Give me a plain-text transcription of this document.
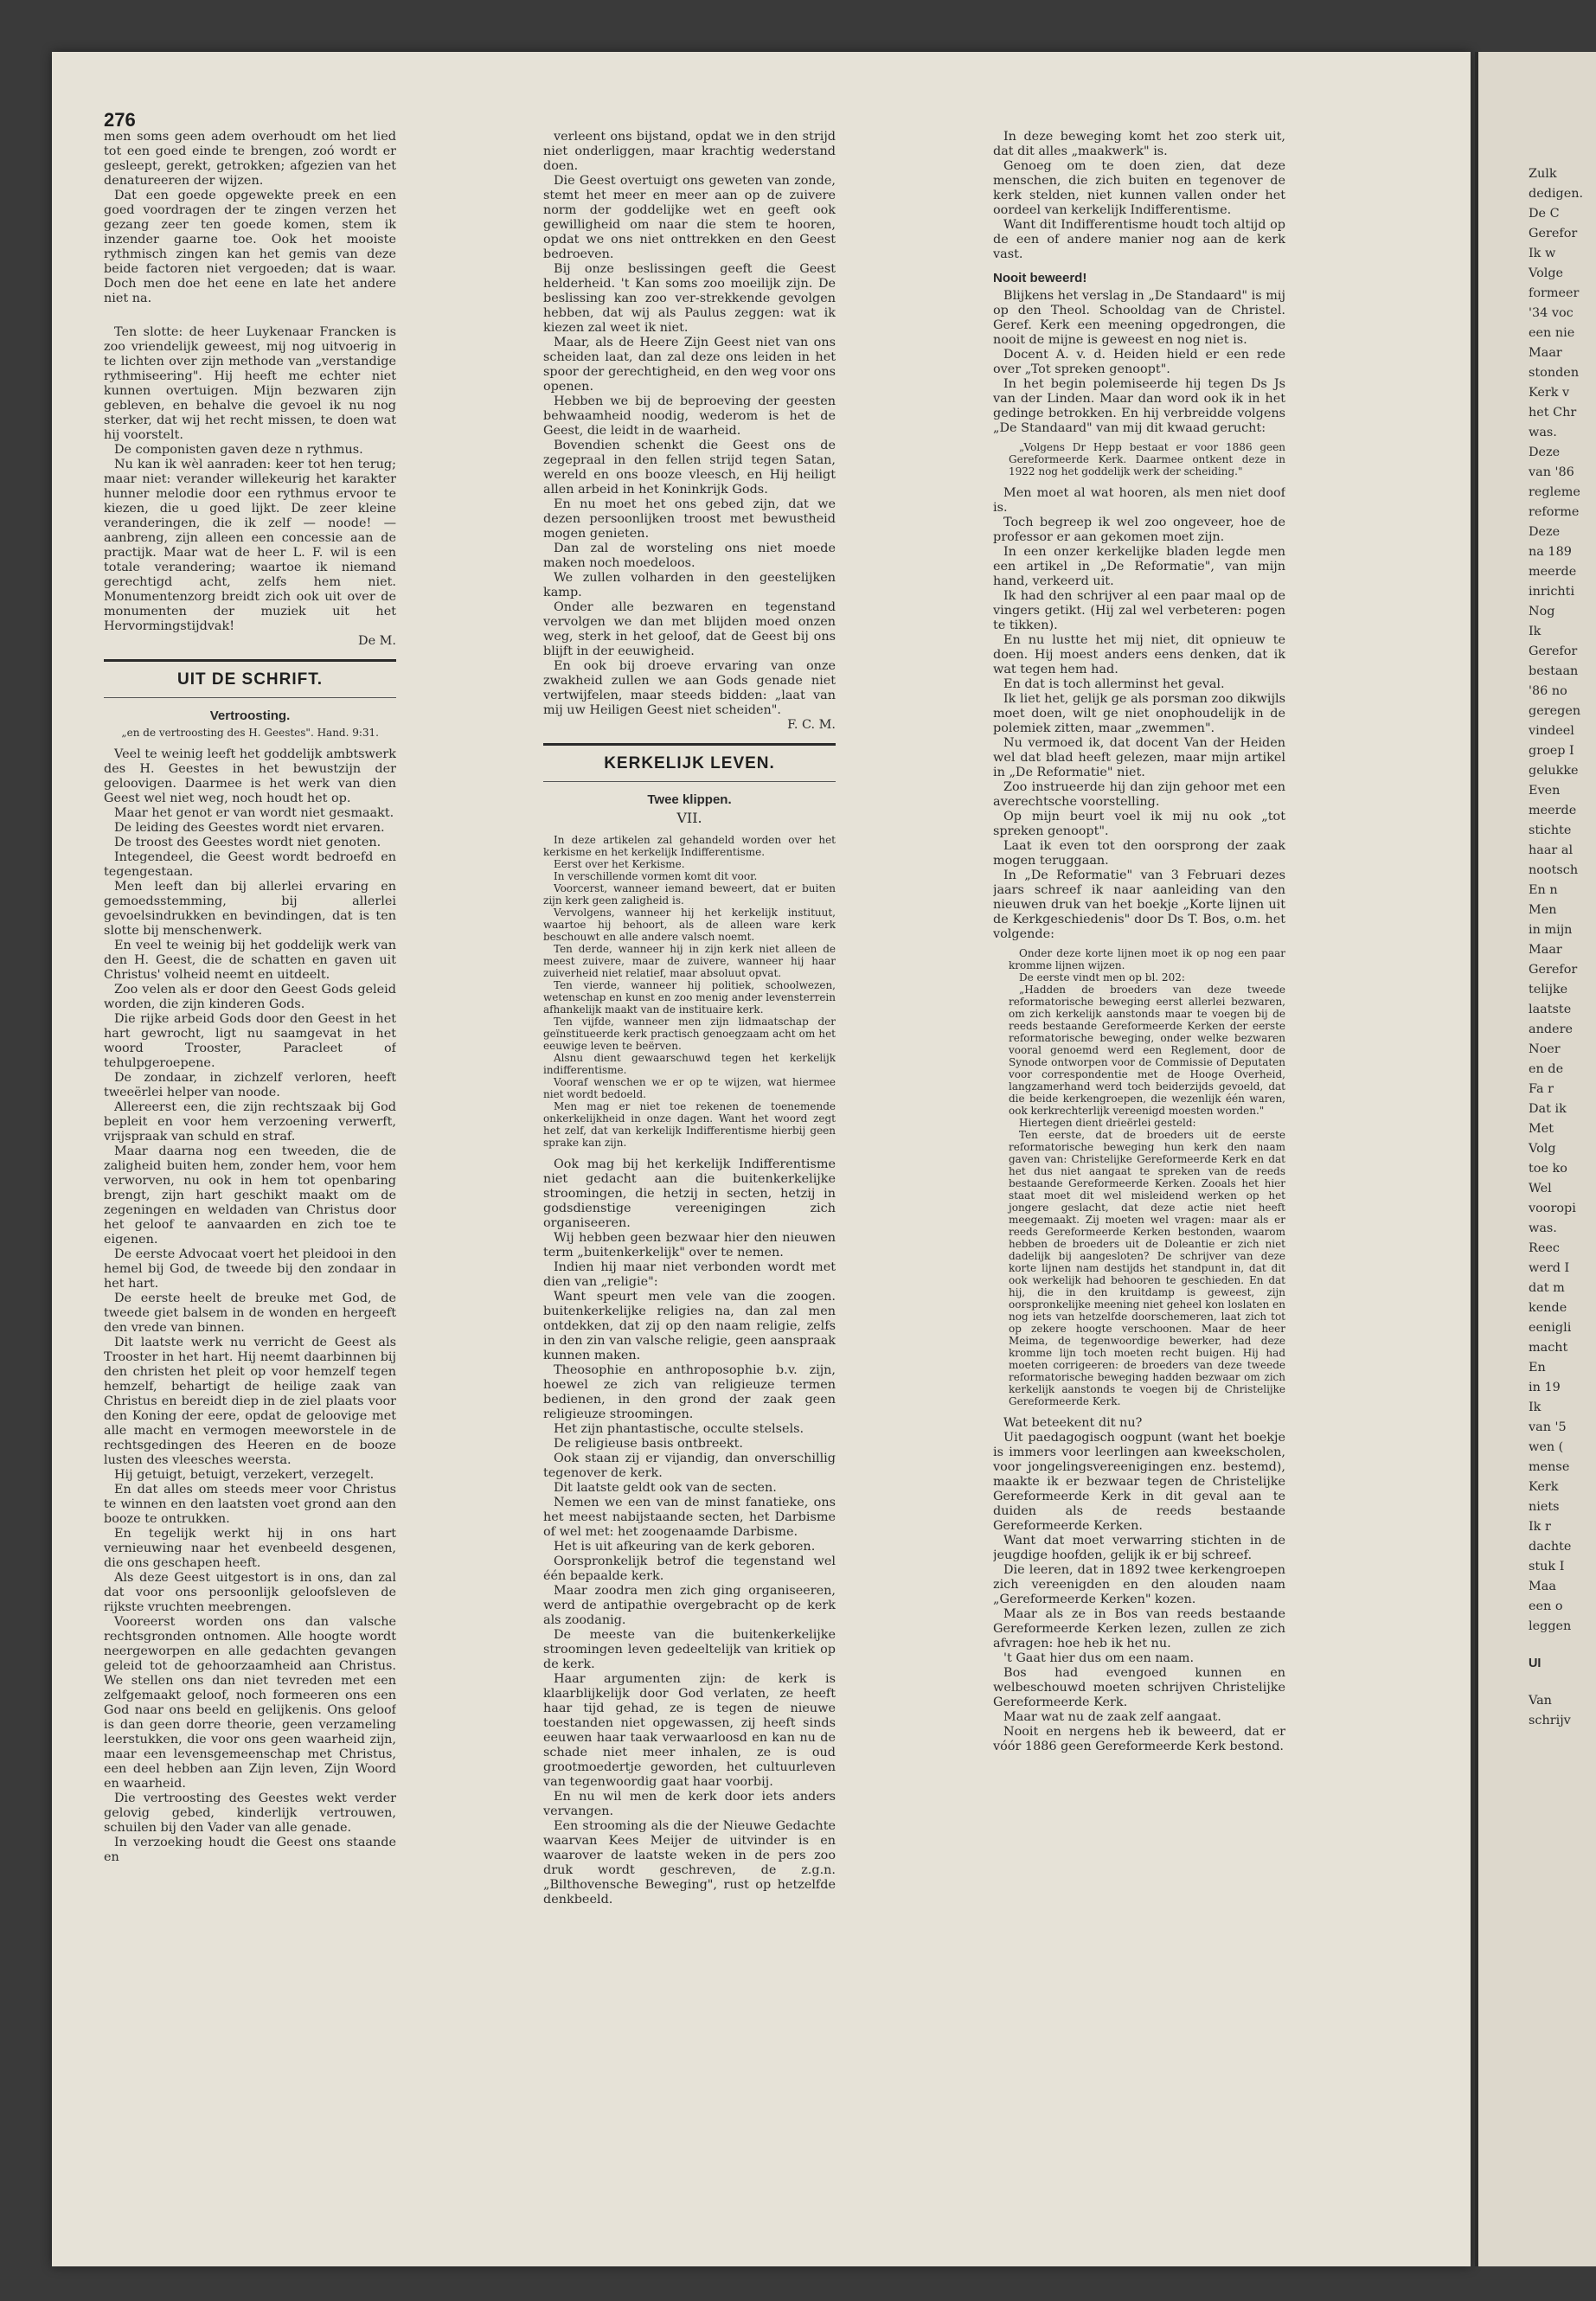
Zulk
dedigen.
De C
Gerefor
Ik w
Volge
formeer
'34 voc
een nie
Maar
stonden
Kerk v
het Chr
was.
Deze
van '86
regleme
reforme
Deze
na 189
meerde
inrichti
Nog
Ik
Gerefor
bestaan
'86 no
geregen
vindeel
groep I
gelukke
Even
meerde
stichte
haar al
nootsch
En n
Men
in mijn
Maar
Gerefor
telijke
laatste
andere
Noer
en de
Fa r
Dat ik
Met
Volg
toe ko
Wel
vooropi
was.
Reec
werd I
dat m
kende
eenigli
macht
En
in 19
Ik
van '5
wen (
mense
Kerk
niets
Ik r
dachte
stuk I
Maa
een o
leggen
UI
Van
schrijv

276

men soms geen adem overhoudt om het lied tot een goed einde te brengen, zoó wordt er gesleept, gerekt, getrokken; afgezien van het denatureeren der wijzen.

Dat een goede opgewekte preek en een goed voordragen der te zingen verzen het gezang zeer ten goede komen, stem ik inzender gaarne toe. Ook het mooiste rythmisch zingen kan het gemis van deze beide factoren niet vergoeden; dat is waar. Doch men doe het eene en late het andere niet na.

Ten slotte: de heer Luykenaar Francken is zoo vriendelijk geweest, mij nog uitvoerig in te lichten over zijn methode van „verstandige rythmiseering". Hij heeft me echter niet kunnen overtuigen. Mijn bezwaren zijn gebleven, en behalve die gevoel ik nu nog sterker, dat wij het recht missen, te doen wat hij voorstelt.

De componisten gaven deze n rythmus.

Nu kan ik wèl aanraden: keer tot hen terug; maar niet: verander willekeurig het karakter hunner melodie door een rythmus ervoor te kiezen, die u goed lijkt. De zeer kleine veranderingen, die ik zelf — noode! — aanbreng, zijn alleen een concessie aan de practijk. Maar wat de heer L. F. wil is een totale verandering; waartoe ik niemand gerechtigd acht, zelfs hem niet. Monumentenzorg breidt zich ook uit over de monumenten der muziek uit het Hervormingstijdvak!

De M.

UIT DE SCHRIFT.
Vertroosting.
„en de vertroosting des H. Geestes". Hand. 9:31.

Veel te weinig leeft het goddelijk ambtswerk des H. Geestes in het bewustzijn der geloovigen. Daarmee is het werk van dien Geest wel niet weg, noch houdt het op.

Maar het genot er van wordt niet gesmaakt.

De leiding des Geestes wordt niet ervaren.

De troost des Geestes wordt niet genoten.

Integendeel, die Geest wordt bedroefd en tegengestaan.

Men leeft dan bij allerlei ervaring en gemoedsstemming, bij allerlei gevoelsindrukken en bevindingen, dat is ten slotte bij menschenwerk.

En veel te weinig bij het goddelijk werk van den H. Geest, die de schatten en gaven uit Christus' volheid neemt en uitdeelt.

Zoo velen als er door den Geest Gods geleid worden, die zijn kinderen Gods.

Die rijke arbeid Gods door den Geest in het hart gewrocht, ligt nu saamgevat in het woord Trooster, Paracleet of tehulpgeroepene.

De zondaar, in zichzelf verloren, heeft tweeërlei helper van noode.

Allereerst een, die zijn rechtszaak bij God bepleit en voor hem verzoening verwerft, vrijspraak van schuld en straf.

Maar daarna nog een tweeden, die de zaligheid buiten hem, zonder hem, voor hem verworven, nu ook in hem tot openbaring brengt, zijn hart geschikt maakt om de zegeningen en weldaden van Christus door het geloof te aanvaarden en zich toe te eigenen.

De eerste Advocaat voert het pleidooi in den hemel bij God, de tweede bij den zondaar in het hart.

De eerste heelt de breuke met God, de tweede giet balsem in de wonden en hergeeft den vrede van binnen.

Dit laatste werk nu verricht de Geest als Trooster in het hart. Hij neemt daarbinnen bij den christen het pleit op voor hemzelf tegen hemzelf, behartigt de heilige zaak van Christus en bereidt diep in de ziel plaats voor den Koning der eere, opdat de geloovige met alle macht en vermogen meeworstele in de rechtsgedingen des Heeren en de booze lusten des vleesches weersta.

Hij getuigt, betuigt, verzekert, verzegelt.

En dat alles om steeds meer voor Christus te winnen en den laatsten voet grond aan den booze te ontrukken.

En tegelijk werkt hij in ons hart vernieuwing naar het evenbeeld desgenen, die ons geschapen heeft.

Als deze Geest uitgestort is in ons, dan zal dat voor ons persoonlijk geloofsleven de rijkste vruchten meebrengen.

Vooreerst worden ons dan valsche rechtsgronden ontnomen. Alle hoogte wordt neergeworpen en alle gedachten gevangen geleid tot de gehoorzaamheid aan Christus. We stellen ons dan niet tevreden met een zelfgemaakt geloof, noch formeeren ons een God naar ons beeld en gelijkenis. Ons geloof is dan geen dorre theorie, geen verzameling leerstukken, die voor ons geen waarheid zijn, maar een levensgemeenschap met Christus, een deel hebben aan Zijn leven, Zijn Woord en waarheid.

Die vertroosting des Geestes wekt verder gelovig gebed, kinderlijk vertrouwen, schuilen bij den Vader van alle genade.

In verzoeking houdt die Geest ons staande en

verleent ons bijstand, opdat we in den strijd niet onderliggen, maar krachtig wederstand doen.

Die Geest overtuigt ons geweten van zonde, stemt het meer en meer aan op de zuivere norm der goddelijke wet en geeft ook gewilligheid om naar die stem te hooren, opdat we ons niet onttrekken en den Geest bedroeven.

Bij onze beslissingen geeft die Geest helderheid. 't Kan soms zoo moeilijk zijn. De beslissing kan zoo ver-strekkende gevolgen hebben, dat wij als Paulus zeggen: wat ik kiezen zal weet ik niet.

Maar, als de Heere Zijn Geest niet van ons scheiden laat, dan zal deze ons leiden in het spoor der gerechtigheid, en den weg voor ons openen.

Hebben we bij de beproeving der geesten behwaamheid noodig, wederom is het de Geest, die leidt in de waarheid.

Bovendien schenkt die Geest ons de zegepraal in den fellen strijd tegen Satan, wereld en ons booze vleesch, en Hij heiligt allen arbeid in het Koninkrijk Gods.

En nu moet het ons gebed zijn, dat we dezen persoonlijken troost met bewustheid mogen genieten.

Dan zal de worsteling ons niet moede maken noch moedeloos.

We zullen volharden in den geestelijken kamp.

Onder alle bezwaren en tegenstand vervolgen we dan met blijden moed onzen weg, sterk in het geloof, dat de Geest bij ons blijft in der eeuwigheid.

En ook bij droeve ervaring van onze zwakheid zullen we aan Gods genade niet vertwijfelen, maar steeds bidden: „laat van mij uw Heiligen Geest niet scheiden".

F. C. M.

KERKELIJK LEVEN.
Twee klippen.
VII.

In deze artikelen zal gehandeld worden over het kerkisme en het kerkelijk Indifferentisme.

Eerst over het Kerkisme.

In verschillende vormen komt dit voor.

Voorcerst, wanneer iemand beweert, dat er buiten zijn kerk geen zaligheid is.

Vervolgens, wanneer hij het kerkelijk instituut, waartoe hij behoort, als de alleen ware kerk beschouwt en alle andere valsch noemt.

Ten derde, wanneer hij in zijn kerk niet alleen de meest zuivere, maar de zuivere, wanneer hij haar zuiverheid niet relatief, maar absoluut opvat.

Ten vierde, wanneer hij politiek, schoolwezen, wetenschap en kunst en zoo menig ander levensterrein afhankelijk maakt van de instituaire kerk.

Ten vijfde, wanneer men zijn lidmaatschap der geïnstitueerde kerk practisch genoegzaam acht om het eeuwige leven te beërven.

Alsnu dient gewaarschuwd tegen het kerkelijk indifferentisme.

Vooraf wenschen we er op te wijzen, wat hiermee niet wordt bedoeld.

Men mag er niet toe rekenen de toenemende onkerkelijkheid in onze dagen. Want het woord zegt het zelf, dat van kerkelijk Indifferentisme hierbij geen sprake kan zijn.

Ook mag bij het kerkelijk Indifferentisme niet gedacht aan die buitenkerkelijke stroomingen, die hetzij in secten, hetzij in godsdienstige vereenigingen zich organiseeren.

Wij hebben geen bezwaar hier den nieuwen term „buitenkerkelijk" over te nemen.

Indien hij maar niet verbonden wordt met dien van „religie":

Want speurt men vele van die zoogen. buitenkerkelijke religies na, dan zal men ontdekken, dat zij op den naam religie, zelfs in den zin van valsche religie, geen aanspraak kunnen maken.

Theosophie en anthroposophie b.v. zijn, hoewel ze zich van religieuze termen bedienen, in den grond der zaak geen religieuze stroomingen.

Het zijn phantastische, occulte stelsels.

De religieuse basis ontbreekt.

Ook staan zij er vijandig, dan onverschillig tegenover de kerk.

Dit laatste geldt ook van de secten.

Nemen we een van de minst fanatieke, ons het meest nabijstaande secten, het Darbisme of wel met: het zoogenaamde Darbisme.

Het is uit afkeuring van de kerk geboren.

Oorspronkelijk betrof die tegenstand wel één bepaalde kerk.

Maar zoodra men zich ging organiseeren, werd de antipathie overgebracht op de kerk als zoodanig.

De meeste van die buitenkerkelijke stroomingen leven gedeeltelijk van kritiek op de kerk.

Haar argumenten zijn: de kerk is klaarblijkelijk door God verlaten, ze heeft haar tijd gehad, ze is tegen de nieuwe toestanden niet opgewassen, zij heeft sinds eeuwen haar taak verwaarloosd en kan nu de schade niet meer inhalen, ze is oud grootmoedertje geworden, het cultuurleven van tegenwoordig gaat haar voorbij.

En nu wil men de kerk door iets anders vervangen.

Een strooming als die der Nieuwe Gedachte waarvan Kees Meijer de uitvinder is en waarover de laatste weken in de pers zoo druk wordt geschreven, de z.g.n. „Bilthovensche Beweging", rust op hetzelfde denkbeeld.

In deze beweging komt het zoo sterk uit, dat dit alles „maakwerk" is.

Genoeg om te doen zien, dat deze menschen, die zich buiten en tegenover de kerk stelden, niet kunnen vallen onder het oordeel van kerkelijk Indifferentisme.

Want dit Indifferentisme houdt toch altijd op de een of andere manier nog aan de kerk vast.

Nooit beweerd!

Blijkens het verslag in „De Standaard" is mij op den Theol. Schooldag van de Christel. Geref. Kerk een meening opgedrongen, die nooit de mijne is geweest en nog niet is.

Docent A. v. d. Heiden hield er een rede over „Tot spreken genoopt".

In het begin polemiseerde hij tegen Ds Js van der Linden. Maar dan word ook ik in het gedinge betrokken. En hij verbreidde volgens „De Standaard" van mij dit kwaad gerucht:

„Volgens Dr Hepp bestaat er voor 1886 geen Gereformeerde Kerk. Daarmee ontkent deze in 1922 nog het goddelijk werk der scheiding."

Men moet al wat hooren, als men niet doof is.

Toch begreep ik wel zoo ongeveer, hoe de professor er aan gekomen moet zijn.

In een onzer kerkelijke bladen legde men een artikel in „De Reformatie", van mijn hand, verkeerd uit.

Ik had den schrijver al een paar maal op de vingers getikt. (Hij zal wel verbeteren: pogen te tikken).

En nu lustte het mij niet, dit opnieuw te doen. Hij moest anders eens denken, dat ik wat tegen hem had.

En dat is toch allerminst het geval.

Ik liet het, gelijk ge als porsman zoo dikwijls moet doen, wilt ge niet onophoudelijk in de polemiek zitten, maar „zwemmen".

Nu vermoed ik, dat docent Van der Heiden wel dat blad heeft gelezen, maar mijn artikel in „De Reformatie" niet.

Zoo instrueerde hij dan zijn gehoor met een averechtsche voorstelling.

Op mijn beurt voel ik mij nu ook „tot spreken genoopt".

Laat ik even tot den oorsprong der zaak mogen teruggaan.

In „De Reformatie" van 3 Februari dezes jaars schreef ik naar aanleiding van den nieuwen druk van het boekje „Korte lijnen uit de Kerkgeschiedenis" door Ds T. Bos, o.m. het volgende:

Onder deze korte lijnen moet ik op nog een paar kromme lijnen wijzen.

De eerste vindt men op bl. 202:

„Hadden de broeders van deze tweede reformatorische beweging eerst allerlei bezwaren, om zich kerkelijk aanstonds maar te voegen bij de reeds bestaande Gereformeerde Kerken der eerste reformatorische beweging, onder welke bezwaren vooral genoemd werd een Reglement, door de Synode ontworpen voor de Commissie of Deputaten voor correspondentie met de Hooge Overheid, langzamerhand werd toch beiderzijds gevoeld, dat die beide kerkengroepen, die wezenlijk één waren, ook kerkrechterlijk vereenigd moesten worden."

Hiertegen dient drieërlei gesteld:

Ten eerste, dat de broeders uit de eerste reformatorische beweging hun kerk den naam gaven van: Christelijke Gereformeerde Kerk en dat het dus niet aangaat te spreken van de reeds bestaande Gereformeerde Kerken. Zooals het hier staat moet dit wel misleidend werken op het jongere geslacht, dat deze actie niet heeft meegemaakt. Zij moeten wel vragen: maar als er reeds Gereformeerde Kerken bestonden, waarom hebben de broeders uit de Doleantie er zich niet dadelijk bij aangesloten? De schrijver van deze korte lijnen nam destijds het standpunt in, dat dit ook werkelijk had behooren te geschieden. En dat hij, die in den kruitdamp is geweest, zijn oorspronkelijke meening niet geheel kon loslaten en nog iets van hetzelfde doorschemeren, laat zich tot op zekere hoogte verschoonen. Maar de heer Meima, de tegenwoordige bewerker, had deze kromme lijn toch moeten recht buigen. Hij had moeten corrigeeren: de broeders van deze tweede reformatorische beweging hadden bezwaar om zich kerkelijk aanstonds te voegen bij de Christelijke Gereformeerde Kerk.

Wat beteekent dit nu?

Uit paedagogisch oogpunt (want het boekje is immers voor leerlingen aan kweekscholen, voor jongelingsvereenigingen enz. bestemd), maakte ik er bezwaar tegen de Christelijke Gereformeerde Kerk in dit geval aan te duiden als de reeds bestaande Gereformeerde Kerken.

Want dat moet verwarring stichten in de jeugdige hoofden, gelijk ik er bij schreef.

Die leeren, dat in 1892 twee kerkengroepen zich vereenigden en den alouden naam „Gereformeerde Kerken" kozen.

Maar als ze in Bos van reeds bestaande Gereformeerde Kerken lezen, zullen ze zich afvragen: hoe heb ik het nu.

't Gaat hier dus om een naam.

Bos had evengoed kunnen en welbeschouwd moeten schrijven Christelijke Gereformeerde Kerk.

Maar wat nu de zaak zelf aangaat.

Nooit en nergens heb ik beweerd, dat er vóór 1886 geen Gereformeerde Kerk bestond.
